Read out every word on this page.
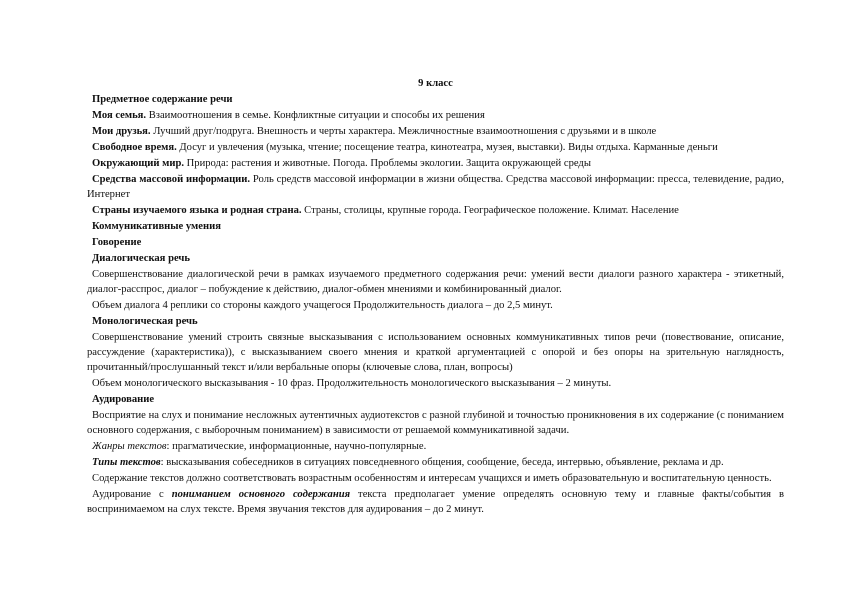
9 класс
Предметное содержание речи
Моя семья. Взаимоотношения в семье. Конфликтные ситуации и способы их решения
Мои друзья. Лучший друг/подруга. Внешность и черты характера. Межличностные взаимоотношения с друзьями и в школе
Свободное время. Досуг и увлечения (музыка, чтение; посещение театра, кинотеатра, музея, выставки). Виды отдыха. Карманные деньги
Окружающий мир. Природа: растения и животные. Погода. Проблемы экологии. Защита окружающей среды
Средства массовой информации. Роль средств массовой информации в жизни общества. Средства массовой информации: пресса, телевидение, радио, Интернет
Страны изучаемого языка и родная страна. Страны, столицы, крупные города. Географическое положение. Климат. Население
Коммуникативные умения
Говорение
Диалогическая речь
Совершенствование диалогической речи в рамках изучаемого предметного содержания речи: умений вести диалоги разного характера - этикетный, диалог-расспрос, диалог – побуждение к действию, диалог-обмен мнениями и комбинированный диалог.
Объем диалога 4 реплики со стороны каждого учащегося Продолжительность диалога – до 2,5 минут.
Монологическая речь
Совершенствование умений строить связные высказывания с использованием основных коммуникативных типов речи (повествование, описание, рассуждение (характеристика)), с высказыванием своего мнения и краткой аргументацией с опорой и без опоры на зрительную наглядность, прочитанный/прослушанный текст и/или вербальные опоры (ключевые слова, план, вопросы)
Объем монологического высказывания - 10 фраз. Продолжительность монологического высказывания – 2 минуты.
Аудирование
Восприятие на слух и понимание несложных аутентичных аудиотекстов с разной глубиной и точностью проникновения в их содержание (с пониманием основного содержания, с выборочным пониманием) в зависимости от решаемой коммуникативной задачи.
Жанры текстов: прагматические, информационные, научно-популярные.
Типы текстов: высказывания собеседников в ситуациях повседневного общения, сообщение, беседа, интервью, объявление, реклама и др.
Содержание текстов должно соответствовать возрастным особенностям и интересам учащихся и иметь образовательную и воспитательную ценность.
Аудирование с пониманием основного содержания текста предполагает умение определять основную тему и главные факты/события в воспринимаемом на слух тексте. Время звучания текстов для аудирования – до 2 минут.
